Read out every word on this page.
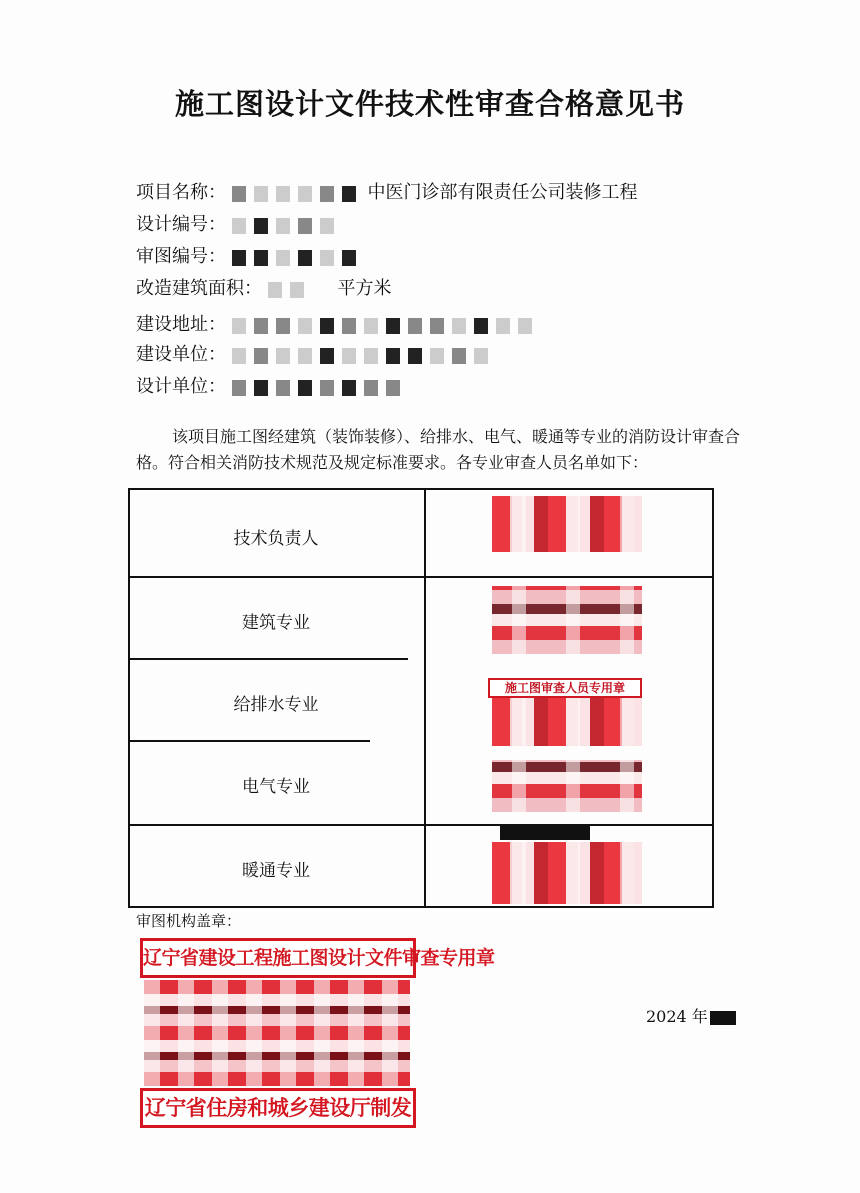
施工图设计文件技术性审查合格意见书
项目名称：	中医门诊部有限责任公司装修工程
设计编号：
审图编号：
改造建筑面积：	平方米
建设地址：
建设单位：
设计单位：
该项目施工图经建筑（装饰装修）、给排水、电气、暖通等专业的消防设计审查合格。符合相关消防技术规范及规定标准要求。各专业审查人员名单如下：
技术负责人
建筑专业
给排水专业
电气专业
暖通专业
施工图审查人员专用章
审图机构盖章：
辽宁省建设工程施工图设计文件审查专用章
辽宁省住房和城乡建设厅制发
2024 年
